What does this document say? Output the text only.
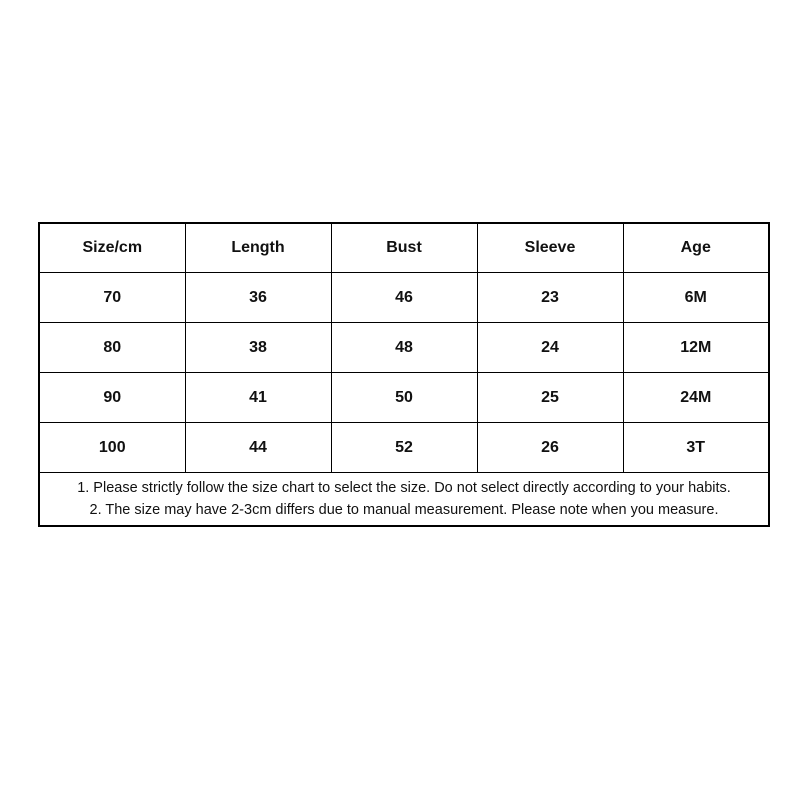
Size/cm	Length	Bust	Sleeve	Age
70	36	46	23	6M
80	38	48	24	12M
90	41	50	25	24M
100	44	52	26	3T

1. Please strictly follow the size chart to select the size. Do not select directly according to your habits.
2. The size may have 2-3cm differs due to manual measurement. Please note when you measure.				
